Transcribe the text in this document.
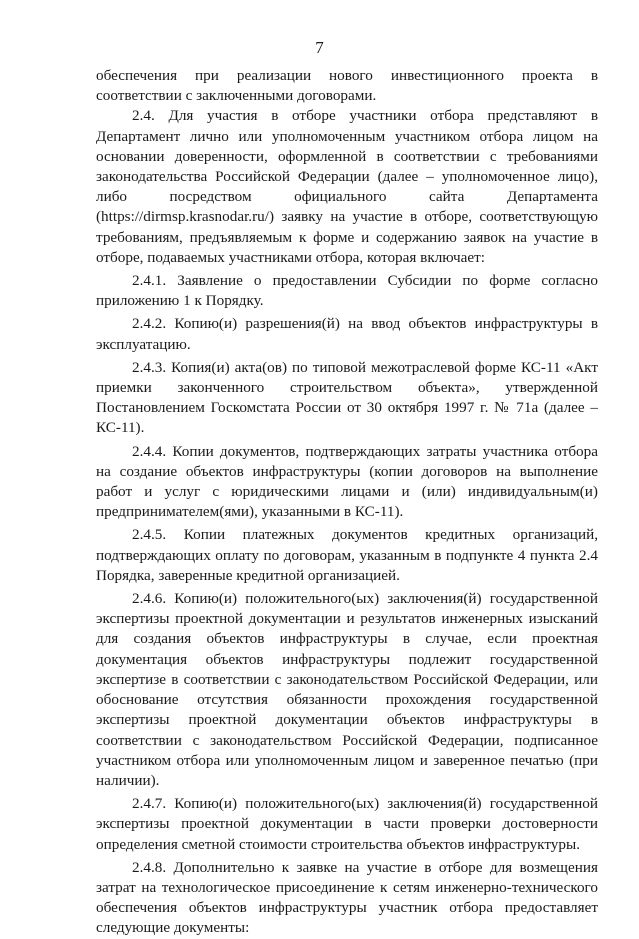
7

обеспечения при реализации нового инвестиционного проекта в соответствии с заключенными договорами.

2.4. Для участия в отборе участники отбора представляют в Департамент лично или уполномоченным участником отбора лицом на основании доверенности, оформленной в соответствии с требованиями законодательства Российской Федерации (далее – уполномоченное лицо), либо посредством официального сайта Департамента (https://dirmsp.krasnodar.ru/) заявку на участие в отборе, соответствующую требованиям, предъявляемым к форме и содержанию заявок на участие в отборе, подаваемых участниками отбора, которая включает:

2.4.1. Заявление о предоставлении Субсидии по форме согласно приложению 1 к Порядку.

2.4.2. Копию(и) разрешения(й) на ввод объектов инфраструктуры в эксплуатацию.

2.4.3. Копия(и) акта(ов) по типовой межотраслевой форме КС-11 «Акт приемки законченного строительством объекта», утвержденной Постановлением Госкомстата России от 30 октября 1997 г. № 71а (далее – КС-11).

2.4.4. Копии документов, подтверждающих затраты участника отбора на создание объектов инфраструктуры (копии договоров на выполнение работ и услуг с юридическими лицами и (или) индивидуальным(и) предпринимателем(ями), указанными в КС-11).

2.4.5. Копии платежных документов кредитных организаций, подтверждающих оплату по договорам, указанным в подпункте 4 пункта 2.4 Порядка, заверенные кредитной организацией.

2.4.6. Копию(и) положительного(ых) заключения(й) государственной экспертизы проектной документации и результатов инженерных изысканий для создания объектов инфраструктуры в случае, если проектная документация объектов инфраструктуры подлежит государственной экспертизе в соответствии с законодательством Российской Федерации, или обоснование отсутствия обязанности прохождения государственной экспертизы проектной документации объектов инфраструктуры в соответствии с законодательством Российской Федерации, подписанное участником отбора или уполномоченным лицом и заверенное печатью (при наличии).

2.4.7. Копию(и) положительного(ых) заключения(й) государственной экспертизы проектной документации в части проверки достоверности определения сметной стоимости строительства объектов инфраструктуры.

2.4.8. Дополнительно к заявке на участие в отборе для возмещения затрат на технологическое присоединение к сетям инженерно-технического обеспечения объектов инфраструктуры участник отбора предоставляет следующие документы:
